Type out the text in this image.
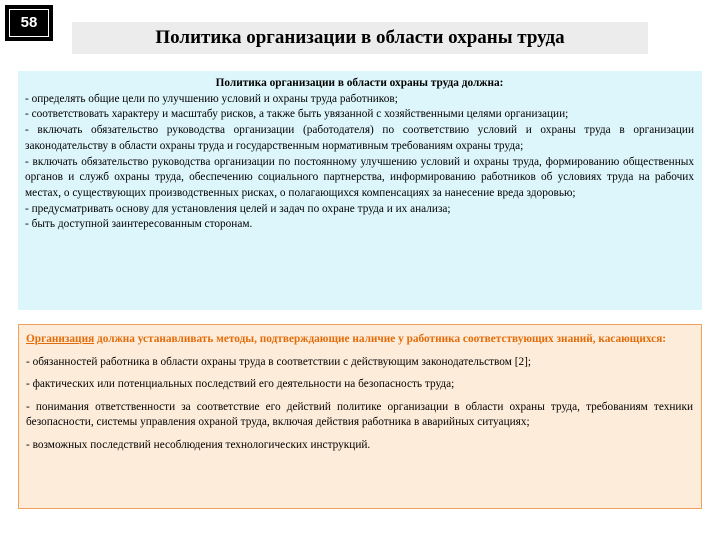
58
Политика организации в области охраны труда

Политика организации в области охраны труда должна:

- определять общие цели по улучшению условий и охраны труда работников;

- соответствовать характеру и масштабу рисков, а также быть увязанной с хозяйственными целями организации;

- включать обязательство руководства организации (работодателя) по соответствию условий и охраны труда в организации законодательству в области охраны труда и государственным нормативным требованиям охраны труда;

- включать обязательство руководства организации по постоянному улучшению условий и охраны труда, формированию общественных органов и служб охраны труда, обеспечению социального партнерства, информированию работников об условиях труда на рабочих местах, о существующих производственных рисках, о полагающихся компенсациях за нанесение вреда здоровью;

- предусматривать основу для установления целей и задач по охране труда и их анализа;

- быть доступной заинтересованным сторонам.

Организация должна устанавливать методы, подтверждающие наличие у работника соответствующих знаний, касающихся:

- обязанностей работника в области охраны труда в соответствии с действующим законодательством [2];

- фактических или потенциальных последствий его деятельности на безопасность труда;

- понимания ответственности за соответствие его действий политике организации в области охраны труда, требованиям техники безопасности, системы управления охраной труда, включая действия работника в аварийных ситуациях;

- возможных последствий несоблюдения технологических инструкций.
